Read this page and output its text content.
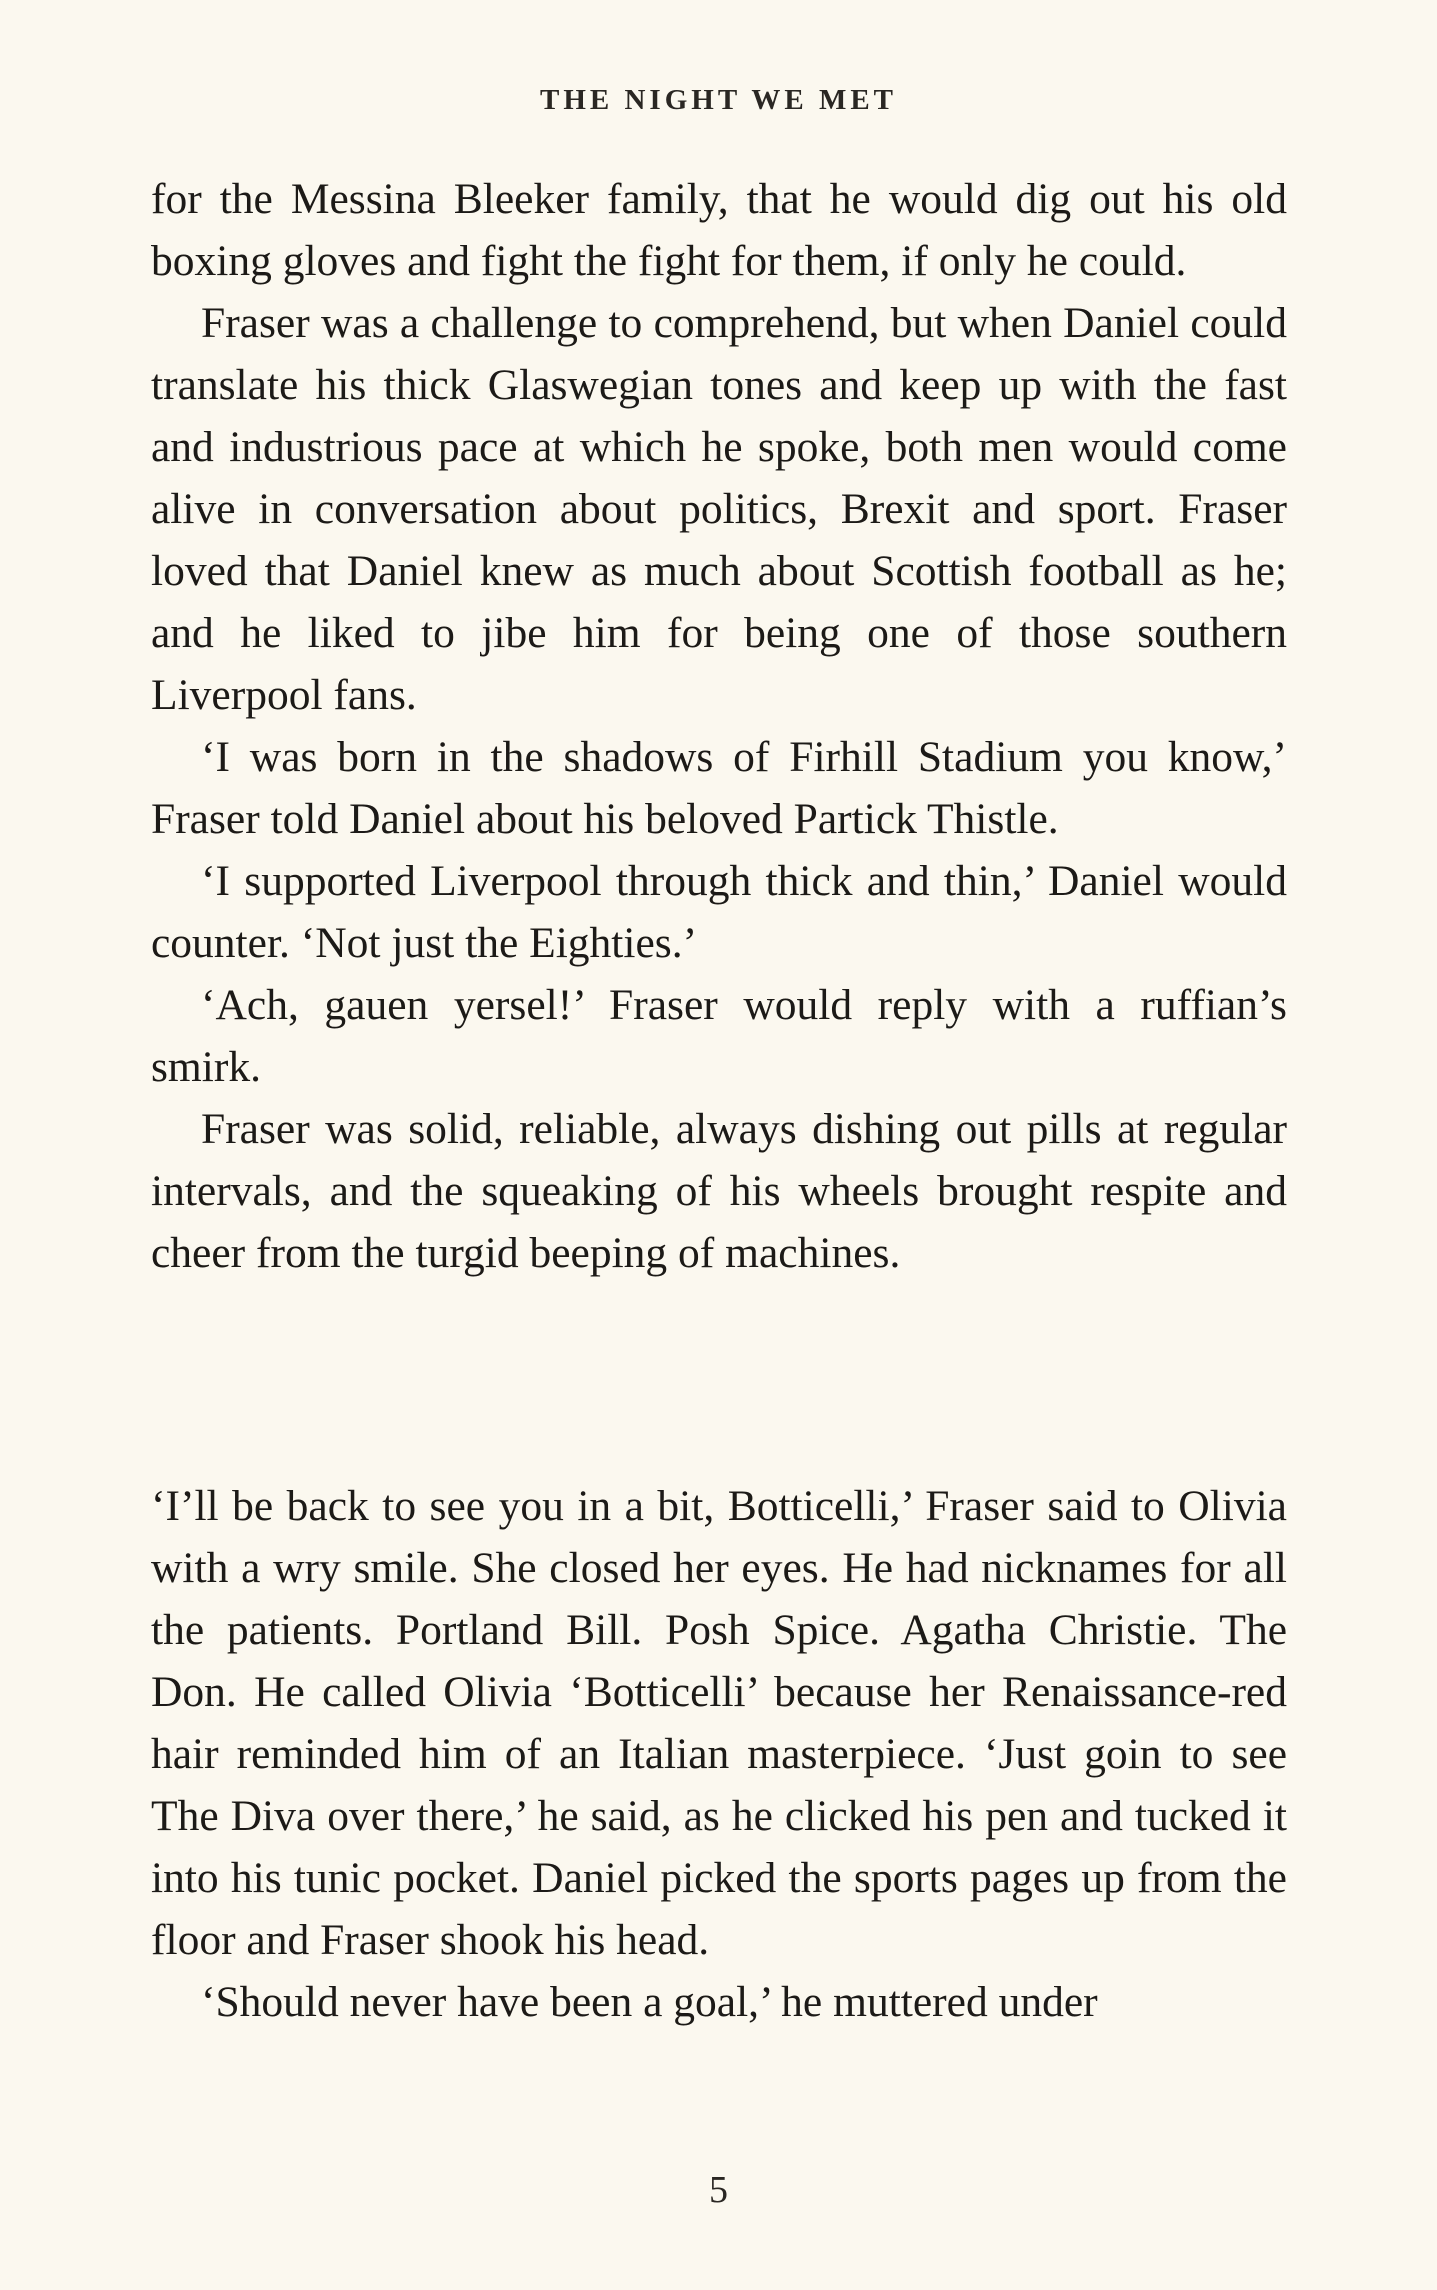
THE NIGHT WE MET

for the Messina Bleeker family, that he would dig out his old boxing gloves and fight the fight for them, if only he could.

Fraser was a challenge to comprehend, but when Daniel could translate his thick Glaswegian tones and keep up with the fast and industrious pace at which he spoke, both men would come alive in conversation about politics, Brexit and sport. Fraser loved that Daniel knew as much about Scottish football as he; and he liked to jibe him for being one of those southern Liverpool fans.

‘I was born in the shadows of Firhill Stadium you know,’ Fraser told Daniel about his beloved Partick Thistle.

‘I supported Liverpool through thick and thin,’ Daniel would counter. ‘Not just the Eighties.’

‘Ach, gauen yersel!’ Fraser would reply with a ruffian’s smirk.

Fraser was solid, reliable, always dishing out pills at regular intervals, and the squeaking of his wheels brought respite and cheer from the turgid beeping of machines.

‘I’ll be back to see you in a bit, Botticelli,’ Fraser said to Olivia with a wry smile. She closed her eyes. He had nicknames for all the patients. Portland Bill. Posh Spice. Agatha Christie. The Don. He called Olivia ‘Botticelli’ because her Renaissance-red hair reminded him of an Italian masterpiece. ‘Just goin to see The Diva over there,’ he said, as he clicked his pen and tucked it into his tunic pocket. Daniel picked the sports pages up from the floor and Fraser shook his head.

‘Should never have been a goal,’ he muttered under

5
